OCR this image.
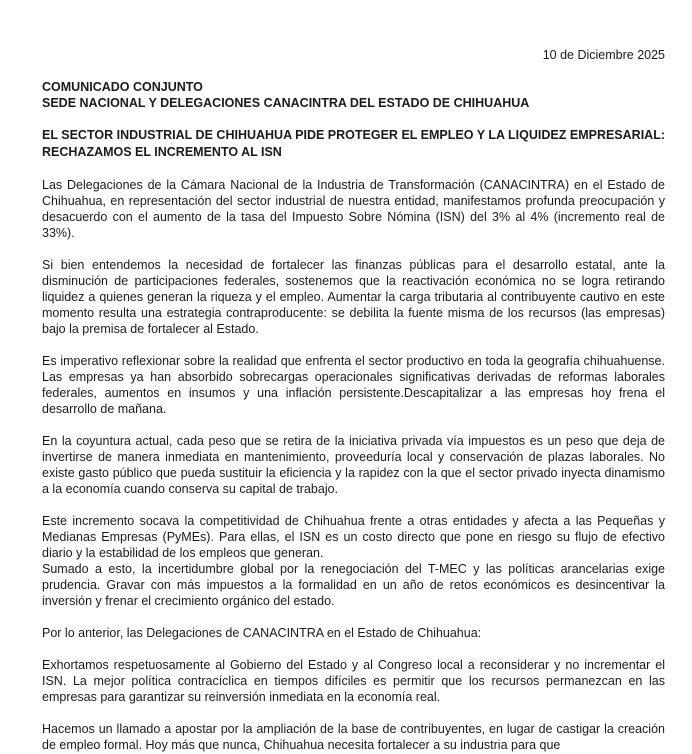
10 de Diciembre 2025

COMUNICADO CONJUNTO

SEDE NACIONAL Y DELEGACIONES CANACINTRA DEL ESTADO DE CHIHUAHUA

EL SECTOR INDUSTRIAL DE CHIHUAHUA PIDE PROTEGER EL EMPLEO Y LA LIQUIDEZ EMPRESARIAL: RECHAZAMOS EL INCREMENTO AL ISN

Las Delegaciones de la Cámara Nacional de la Industria de Transformación (CANACINTRA) en el Estado de Chihuahua, en representación del sector industrial de nuestra entidad, manifestamos profunda preocupación y desacuerdo con el aumento de la tasa del Impuesto Sobre Nómina (ISN) del 3% al 4% (incremento real de 33%).

Si bien entendemos la necesidad de fortalecer las finanzas públicas para el desarrollo estatal, ante la disminución de participaciones federales, sostenemos que la reactivación económica no se logra retirando liquidez a quienes generan la riqueza y el empleo. Aumentar la carga tributaria al contribuyente cautivo en este momento resulta una estrategia contraproducente: se debilita la fuente misma de los recursos (las empresas) bajo la premisa de fortalecer al Estado.

Es imperativo reflexionar sobre la realidad que enfrenta el sector productivo en toda la geografía chihuahuense. Las empresas ya han absorbido sobrecargas operacionales significativas derivadas de reformas laborales federales, aumentos en insumos y una inflación persistente.Descapitalizar a las empresas hoy frena el desarrollo de mañana.

En la coyuntura actual, cada peso que se retira de la iniciativa privada vía impuestos es un peso que deja de invertirse de manera inmediata en mantenimiento, proveeduría local y conservación de plazas laborales. No existe gasto público que pueda sustituir la eficiencia y la rapidez con la que el sector privado inyecta dinamismo a la economía cuando conserva su capital de trabajo.

Este incremento socava la competitividad de Chihuahua frente a otras entidades y afecta a las Pequeñas y Medianas Empresas (PyMEs). Para ellas, el ISN es un costo directo que pone en riesgo su flujo de efectivo diario y la estabilidad de los empleos que generan.

Sumado a esto, la incertidumbre global por la renegociación del T-MEC y las políticas arancelarias exige prudencia. Gravar con más impuestos a la formalidad en un año de retos económicos es desincentivar la inversión y frenar el crecimiento orgánico del estado.

Por lo anterior, las Delegaciones de CANACINTRA en el Estado de Chihuahua:

Exhortamos respetuosamente al Gobierno del Estado y al Congreso local a reconsiderar y no incrementar el ISN. La mejor política contracíclica en tiempos difíciles es permitir que los recursos permanezcan en las empresas para garantizar su reinversión inmediata en la economía real.

Hacemos un llamado a apostar por la ampliación de la base de contribuyentes, en lugar de castigar la creación de empleo formal. Hoy más que nunca, Chihuahua necesita fortalecer a su industria para que
